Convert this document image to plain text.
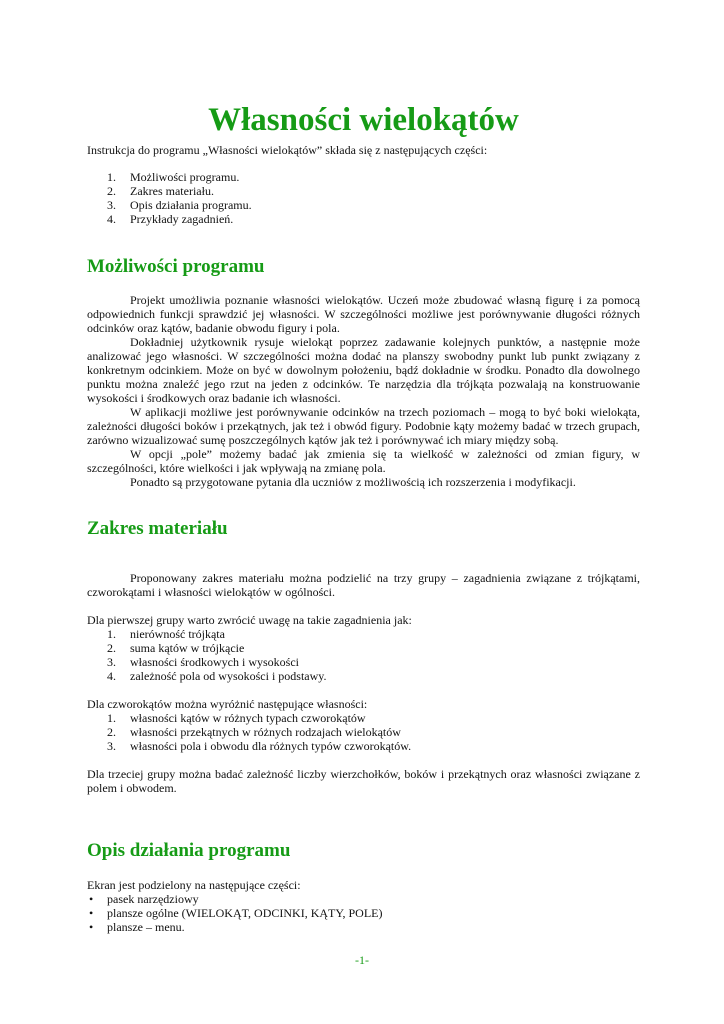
Własności wielokątów

Instrukcja do programu „Własności wielokątów” składa się z następujących części:

1. Możliwości programu.
2. Zakres materiału.
3. Opis działania programu.
4. Przykłady zagadnień.
Możliwości programu

Projekt umożliwia poznanie własności wielokątów. Uczeń może zbudować własną figurę i za pomocą odpowiednich funkcji sprawdzić jej własności. W szczególności możliwe jest porównywanie długości różnych odcinków oraz kątów, badanie obwodu figury i pola.

Dokładniej użytkownik rysuje wielokąt poprzez zadawanie kolejnych punktów, a następnie może analizować jego własności. W szczególności można dodać na planszy swobodny punkt lub punkt związany z konkretnym odcinkiem. Może on być w dowolnym położeniu, bądź dokładnie w środku. Ponadto dla dowolnego punktu można znaleźć jego rzut na jeden z odcinków. Te narzędzia dla trójkąta pozwalają na konstruowanie wysokości i środkowych oraz badanie ich własności.

W aplikacji możliwe jest porównywanie odcinków na trzech poziomach – mogą to być boki wielokąta, zależności długości boków i przekątnych, jak też i obwód figury. Podobnie kąty możemy badać w trzech grupach, zarówno wizualizować sumę poszczególnych kątów jak też i porównywać ich miary między sobą.

W opcji „pole” możemy badać jak zmienia się ta wielkość w zależności od zmian figury, w szczególności, które wielkości i jak wpływają na zmianę pola.

Ponadto są przygotowane pytania dla uczniów z możliwością ich rozszerzenia i modyfikacji.

Zakres materiału

Proponowany zakres materiału można podzielić na trzy grupy – zagadnienia związane z trójkątami, czworokątami i własności wielokątów w ogólności.

Dla pierwszej grupy warto zwrócić uwagę na takie zagadnienia jak:

1. nierówność trójkąta
2. suma kątów w trójkącie
3. własności środkowych i wysokości
4. zależność pola od wysokości i podstawy.

Dla czworokątów można wyróżnić następujące własności:

1. własności kątów w różnych typach czworokątów
2. własności przekątnych w różnych rodzajach wielokątów
3. własności pola i obwodu dla różnych typów czworokątów.

Dla trzeciej grupy można badać zależność liczby wierzchołków, boków i przekątnych oraz własności związane z polem i obwodem.

Opis działania programu

Ekran jest podzielony na następujące części:

• pasek narzędziowy
• plansze ogólne (WIELOKĄT, ODCINKI, KĄTY, POLE)
• plansze – menu.
-1-
